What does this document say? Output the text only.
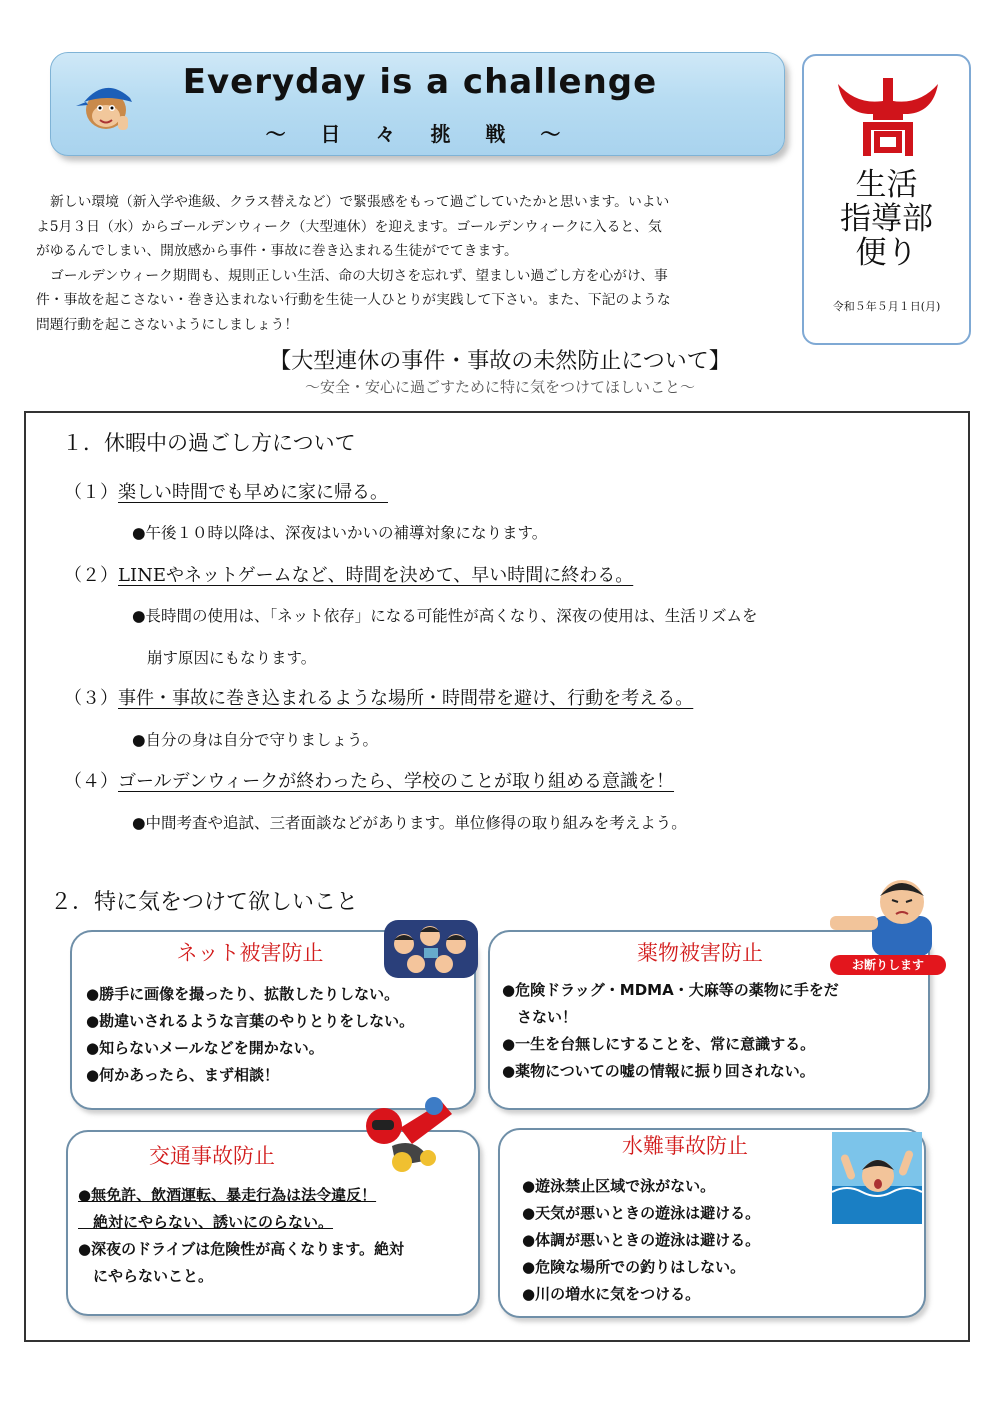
Everyday is a challenge
～ 日 々 挑 戦 ～
生活
指導部
便り
令和５年５月１日(月)

新しい環境（新入学や進級、クラス替えなど）で緊張感をもって過ごしていたかと思います。いよい

よ5月３日（水）からゴールデンウィーク（大型連休）を迎えます。ゴールデンウィークに入ると、気

がゆるんでしまい、開放感から事件・事故に巻き込まれる生徒がでてきます。

ゴールデンウィーク期間も、規則正しい生活、命の大切さを忘れず、望ましい過ごし方を心がけ、事

件・事故を起こさない・巻き込まれない行動を生徒一人ひとりが実践して下さい。また、下記のような

問題行動を起こさないようにしましょう！

【大型連休の事件・事故の未然防止について】
～安全・安心に過ごすために特に気をつけてほしいこと～
１．休暇中の過ごし方について
（１）楽しい時間でも早めに家に帰る。
●午後１０時以降は、深夜はいかいの補導対象になります。
（２）LINEやネットゲームなど、時間を決めて、早い時間に終わる。
●長時間の使用は、「ネット依存」になる可能性が高くなり、深夜の使用は、生活リズムを
崩す原因にもなります。
（３）事件・事故に巻き込まれるような場所・時間帯を避け、行動を考える。
●自分の身は自分で守りましょう。
（４）ゴールデンウィークが終わったら、学校のことが取り組める意識を！
●中間考査や追試、三者面談などがあります。単位修得の取り組みを考えよう。
２．特に気をつけて欲しいこと
ネット被害防止
●勝手に画像を撮ったり、拡散したりしない。
●勘違いされるような言葉のやりとりをしない。
●知らないメールなどを開かない。
●何かあったら、まず相談！
薬物被害防止
●危険ドラッグ・MDMA・大麻等の薬物に手をだ
　さない！
●一生を台無しにすることを、常に意識する。
●薬物についての嘘の情報に振り回されない。
お断りします
交通事故防止
●無免許、飲酒運転、暴走行為は法令違反！
　絶対にやらない、誘いにのらない。
●深夜のドライブは危険性が高くなります。絶対
　にやらないこと。
水難事故防止
●遊泳禁止区域で泳がない。
●天気が悪いときの遊泳は避ける。
●体調が悪いときの遊泳は避ける。
●危険な場所での釣りはしない。
●川の増水に気をつける。
